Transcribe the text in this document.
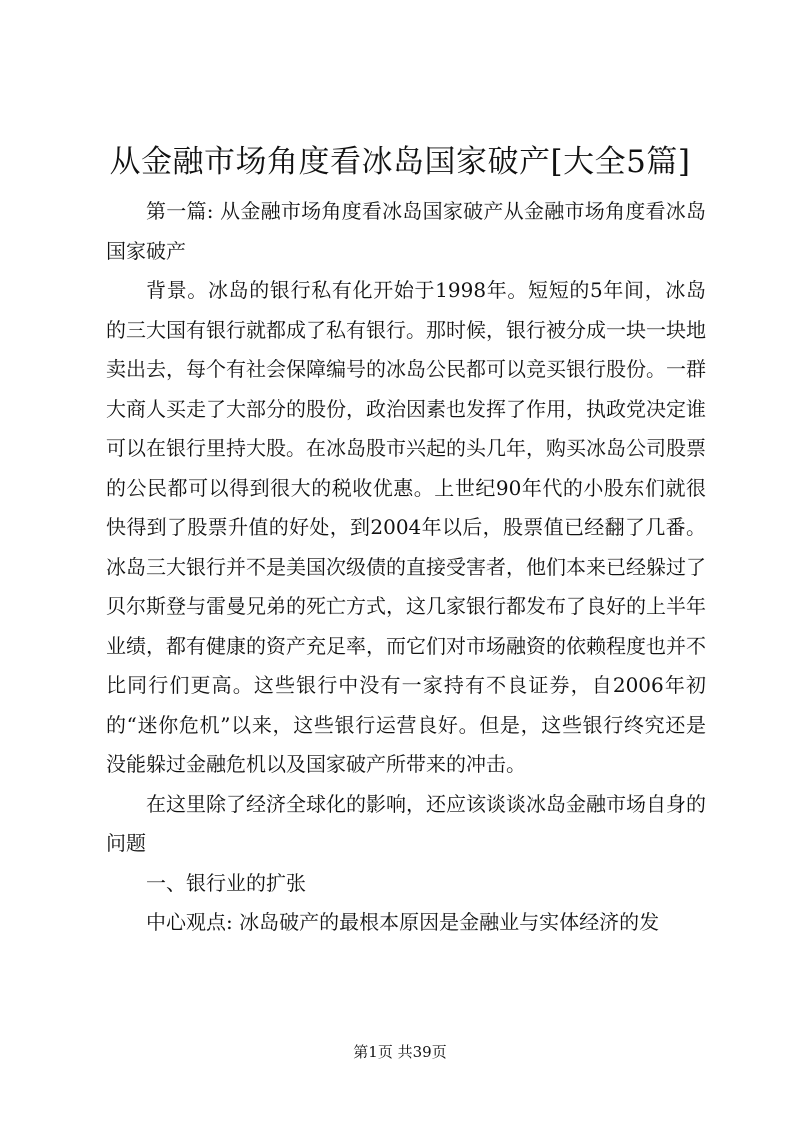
从金融市场角度看冰岛国家破产[大全5篇]

第一篇: 从金融市场角度看冰岛国家破产从金融市场角度看冰岛国家破产

背景。冰岛的银行私有化开始于1998年。短短的5年间，冰岛的三大国有银行就都成了私有银行。那时候，银行被分成一块一块地卖出去，每个有社会保障编号的冰岛公民都可以竞买银行股份。一群大商人买走了大部分的股份，政治因素也发挥了作用，执政党决定谁可以在银行里持大股。在冰岛股市兴起的头几年，购买冰岛公司股票的公民都可以得到很大的税收优惠。上世纪90年代的小股东们就很快得到了股票升值的好处，到2004年以后，股票值已经翻了几番。冰岛三大银行并不是美国次级债的直接受害者，他们本来已经躲过了贝尔斯登与雷曼兄弟的死亡方式，这几家银行都发布了良好的上半年业绩，都有健康的资产充足率，而它们对市场融资的依赖程度也并不比同行们更高。这些银行中没有一家持有不良证券，自2006年初的“迷你危机”以来，这些银行运营良好。但是，这些银行终究还是没能躲过金融危机以及国家破产所带来的冲击。

在这里除了经济全球化的影响，还应该谈谈冰岛金融市场自身的问题

一、银行业的扩张

中心观点: 冰岛破产的最根本原因是金融业与实体经济的发

第1页 共39页
